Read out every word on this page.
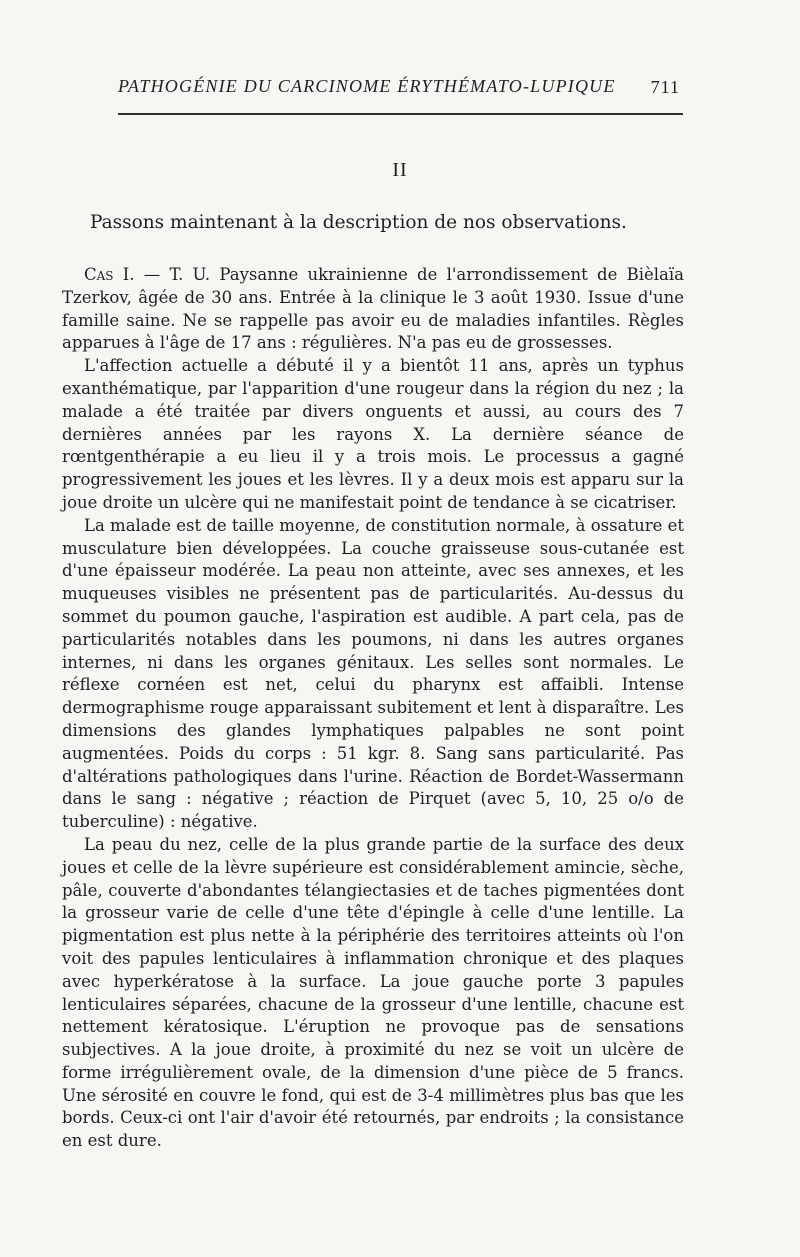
PATHOGÉNIE DU CARCINOME ÉRYTHÉMATO-LUPIQUE 711
II
Passons maintenant à la description de nos observations.

Cas I. — T. U. Paysanne ukrainienne de l'arrondissement de Bièlaïa Tzerkov, âgée de 30 ans. Entrée à la clinique le 3 août 1930. Issue d'une famille saine. Ne se rappelle pas avoir eu de maladies infantiles. Règles apparues à l'âge de 17 ans : régulières. N'a pas eu de grossesses.

L'affection actuelle a débuté il y a bientôt 11 ans, après un typhus exanthématique, par l'apparition d'une rougeur dans la région du nez ; la malade a été traitée par divers onguents et aussi, au cours des 7 dernières années par les rayons X. La dernière séance de rœntgenthérapie a eu lieu il y a trois mois. Le processus a gagné progressivement les joues et les lèvres. Il y a deux mois est apparu sur la joue droite un ulcère qui ne manifestait point de tendance à se cicatriser.

La malade est de taille moyenne, de constitution normale, à ossature et musculature bien développées. La couche graisseuse sous-cutanée est d'une épaisseur modérée. La peau non atteinte, avec ses annexes, et les muqueuses visibles ne présentent pas de particularités. Au-dessus du sommet du poumon gauche, l'aspiration est audible. A part cela, pas de particularités notables dans les poumons, ni dans les autres organes internes, ni dans les organes génitaux. Les selles sont normales. Le réflexe cornéen est net, celui du pharynx est affaibli. Intense dermographisme rouge apparaissant subitement et lent à disparaître. Les dimensions des glandes lymphatiques palpables ne sont point augmentées. Poids du corps : 51 kgr. 8. Sang sans particularité. Pas d'altérations pathologiques dans l'urine. Réaction de Bordet-Wassermann dans le sang : négative ; réaction de Pirquet (avec 5, 10, 25 o/o de tuberculine) : négative.

La peau du nez, celle de la plus grande partie de la surface des deux joues et celle de la lèvre supérieure est considérablement amincie, sèche, pâle, couverte d'abondantes télangiectasies et de taches pigmentées dont la grosseur varie de celle d'une tête d'épingle à celle d'une lentille. La pigmentation est plus nette à la périphérie des territoires atteints où l'on voit des papules lenticulaires à inflammation chronique et des plaques avec hyperkératose à la surface. La joue gauche porte 3 papules lenticulaires séparées, chacune de la grosseur d'une lentille, chacune est nettement kératosique. L'éruption ne provoque pas de sensations subjectives. A la joue droite, à proximité du nez se voit un ulcère de forme irrégulièrement ovale, de la dimension d'une pièce de 5 francs. Une sérosité en couvre le fond, qui est de 3-4 millimètres plus bas que les bords. Ceux-ci ont l'air d'avoir été retournés, par endroits ; la consistance en est dure.
